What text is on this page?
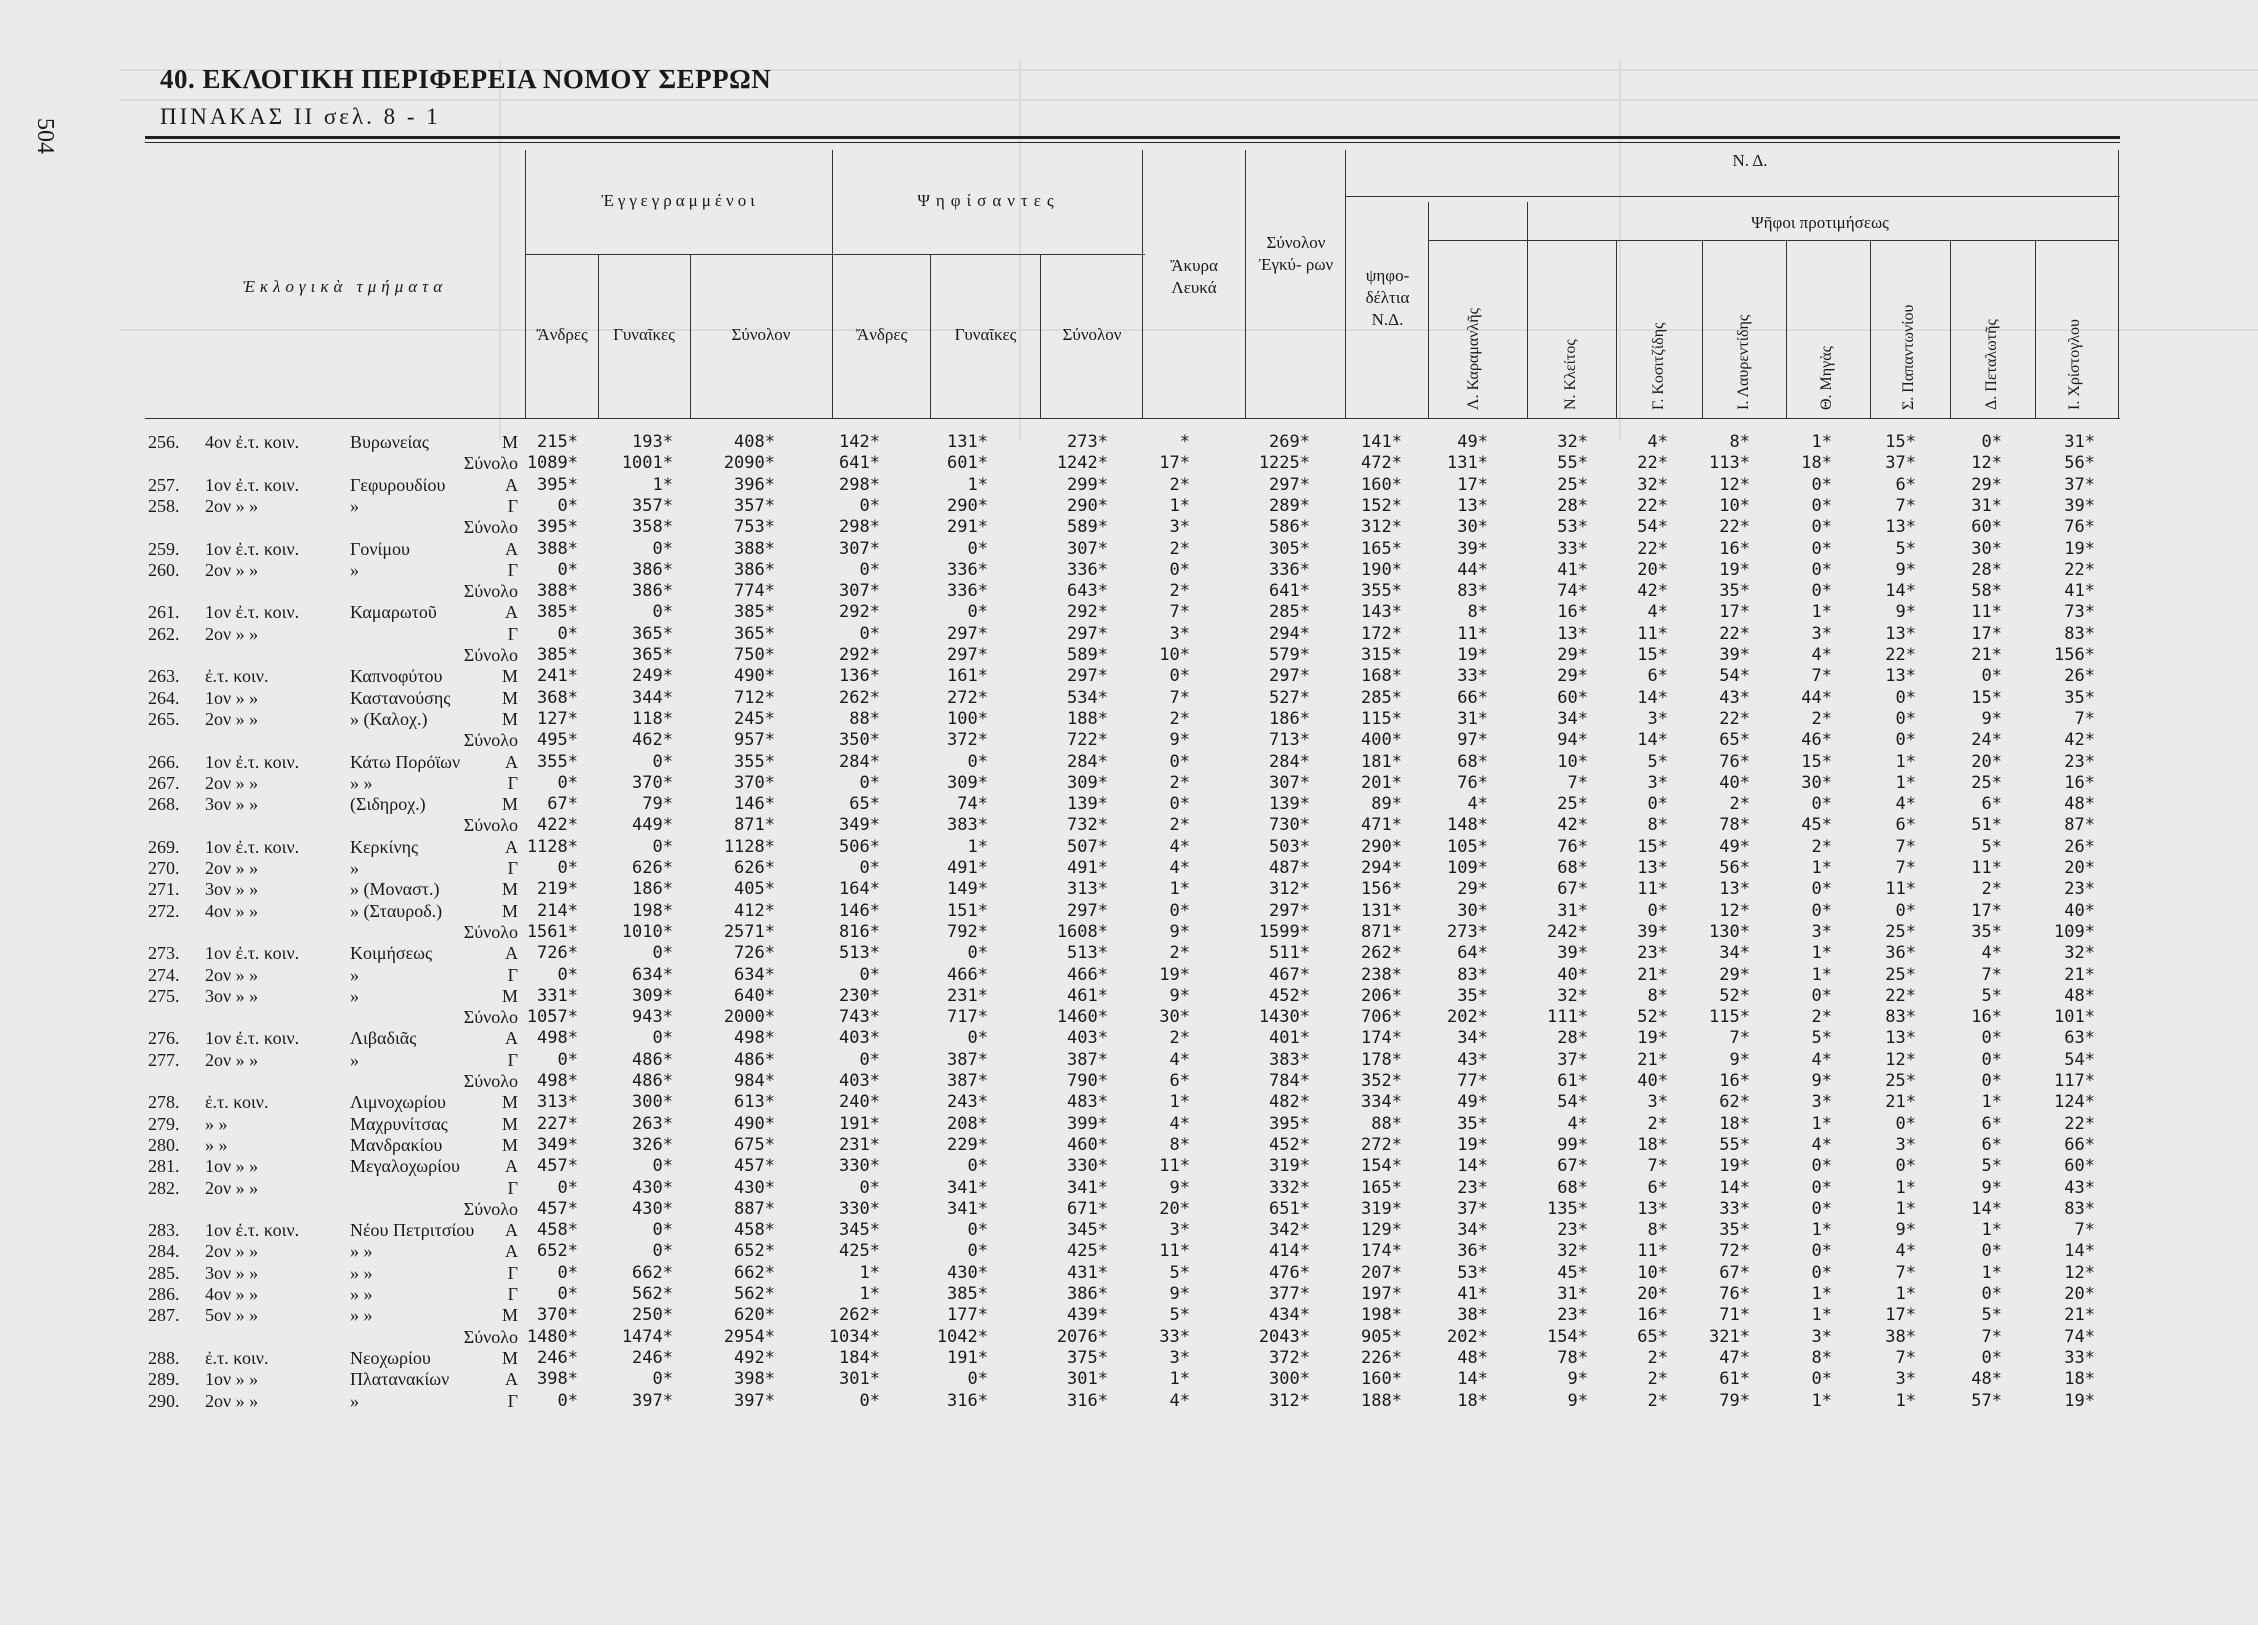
504
40. ΕΚΛΟΓΙΚΗ ΠΕΡΙΦΕΡΕΙΑ ΝΟΜΟΥ ΣΕΡΡΩΝ
ΠΙΝΑΚΑΣ ΙΙ σελ. 8 - 1
Ἐκλογικὰ τμήματα
Ἐγγεγραμμένοι	Ψηφίσαντες
Ἄνδρες	Γυναῖκες	Σύνολον	Ἄνδρες	Γυναῖκες	Σύνολον
Ἄκυρα Λευκά
Σύνολον Ἐγκύ- ρων
Ν. Δ.
ψηφο- δέλτια Ν.Δ.
Ψῆφοι προτιμήσεως
Λ. Καραμανλῆς	Ν. Κλείτος	Γ. Κοσιτζίδης	Ι. Λαυρεντίδης	Θ. Μηγὰς	Σ. Παπαντωνίου	Δ. Πεταλωτῆς	Ι. Χρίστογλου
256.	4ον ἐ.τ. κοιν.	Βυρωνείας	Μ 215*	193*	408*	142*	131*	273*	*	269*	141*	49*	32*	4*	8*	1*	15*	0*	31*
Σύνολο 1089*	1001*	2090*	641*	601*	1242*	17*	1225*	472*	131*	55*	22* 113*	18*	37*	12*	56*
257.	1ον ἐ.τ. κοιν.	Γεφυρουδίου	Α 395*	1*	396*	298*	1*	299*	2*	297*	160*	17*	25*	32*	12*	0*	6*	29*	37*
258.	2ον » »	»	Γ 0*	357*	357*	0*	290*	290*	1*	289*	152*	13*	28*	22*	10*	0*	7*	31*	39*
Σύνολο 395*	358*	753*	298*	291*	589*	3*	586*	312*	30*	53*	54*	22*	0*	13*	60*	76*
259.	1ον ἐ.τ. κοιν.	Γονίμου	Α 388*	0*	388*	307*	0*	307*	2*	305*	165*	39*	33*	22*	16*	0*	5*	30*	19*
260.	2ον » »	»	Γ 0*	386*	386*	0*	336*	336*	0*	336*	190*	44*	41*	20*	19*	0*	9*	28*	22*
Σύνολο 388*	386*	774*	307*	336*	643*	2*	641*	355*	83*	74*	42*	35*	0*	14*	58*	41*
261.	1ον ἐ.τ. κοιν.	Καμαρωτοῦ	Α 385*	0*	385*	292*	0*	292*	7*	285*	143*	8*	16*	4*	17*	1*	9*	11*	73*
262.	2ον » »	Γ 0*	365*	365*	0*	297*	297*	3*	294*	172*	11*	13*	11*	22*	3*	13*	17*	83*
Σύνολο 385*	365*	750*	292*	297*	589*	10*	579*	315*	19*	29*	15*	39*	4*	22*	21*	156*
263.	ἐ.τ. κοιν.	Καπνοφύτου	Μ 241*	249*	490*	136*	161*	297*	0*	297*	168*	33*	29*	6*	54*	7*	13*	0*	26*
264.	1ον » »	Καστανούσης	Μ 368*	344*	712*	262*	272*	534*	7*	527*	285*	66*	60*	14*	43*	44*	0*	15*	35*
265.	2ον » »	» (Καλοχ.)	Μ 127*	118*	245*	88*	100*	188*	2*	186*	115*	31*	34*	3*	22*	2*	0*	9*	7*
Σύνολο 495*	462*	957*	350*	372*	722*	9*	713*	400*	97*	94*	14*	65*	46*	0*	24*	42*
266.	1ον ἐ.τ. κοιν.	Κάτω Πορόϊων Α 355*	0*	355*	284*	0*	284*	0*	284*	181*	68*	10*	5*	76*	15*	1*	20*	23*
267.	2ον » »	» »	Γ 0*	370*	370*	0*	309*	309*	2*	307*	201*	76*	7*	3*	40*	30*	1*	25*	16*
268.	3ον » »	(Σιδηροχ.)	Μ 67*	79*	146*	65*	74*	139*	0*	139*	89*	4*	25*	0*	2*	0*	4*	6*	48*
Σύνολο 422*	449*	871*	349*	383*	732*	2*	730*	471*	148*	42*	8*	78*	45*	6*	51*	87*
269.	1ον ἐ.τ. κοιν.	Κερκίνης	Α 1128*	0*	1128*	506*	1*	507*	4*	503*	290*	105*	76*	15*	49*	2*	7*	5*	26*
270.	2ον » »	»	Γ 0*	626*	626*	0*	491*	491*	4*	487*	294*	109*	68*	13*	56*	1*	7*	11*	20*
271.	3ον » »	» (Μοναστ.)	Μ 219*	186*	405*	164*	149*	313*	1*	312*	156*	29*	67*	11*	13*	0*	11*	2*	23*
272.	4ον » »	» (Σταυροδ.)	Μ 214*	198*	412*	146*	151*	297*	0*	297*	131*	30*	31*	0*	12*	0*	0*	17*	40*
Σύνολο 1561*	1010*	2571*	816*	792*	1608*	9*	1599*	871*	273*	242*	39* 130*	3*	25*	35*	109*
273.	1ον ἐ.τ. κοιν.	Κοιμήσεως	Α 726*	0*	726*	513*	0*	513*	2*	511*	262*	64*	39*	23*	34*	1*	36*	4*	32*
274.	2ον » »	»	Γ 0*	634*	634*	0*	466*	466*	19*	467*	238*	83*	40*	21*	29*	1*	25*	7*	21*
275.	3ον » »	»	Μ 331*	309*	640*	230*	231*	461*	9*	452*	206*	35*	32*	8*	52*	0*	22*	5*	48*
Σύνολο 1057*	943*	2000*	743*	717*	1460*	30*	1430*	706*	202*	111*	52* 115*	2*	83*	16*	101*
276.	1ον ἐ.τ. κοιν.	Λιβαδιᾶς	Α 498*	0*	498*	403*	0*	403*	2*	401*	174*	34*	28*	19*	7*	5*	13*	0*	63*
277.	2ον » »	»	Γ 0*	486*	486*	0*	387*	387*	4*	383*	178*	43*	37*	21*	9*	4*	12*	0*	54*
Σύνολο 498*	486*	984*	403*	387*	790*	6*	784*	352*	77*	61*	40*	16*	9*	25*	0*	117*
278.	ἐ.τ. κοιν.	Λιμνοχωρίου	Μ 313*	300*	613*	240*	243*	483*	1*	482*	334*	49*	54*	3*	62*	3*	21*	1*	124*
279.	» »	Μαχρυνίτσας	Μ 227*	263*	490*	191*	208*	399*	4*	395*	88*	35*	4*	2*	18*	1*	0*	6*	22*
280.	» »	Μανδρακίου	Μ 349*	326*	675*	231*	229*	460*	8*	452*	272*	19*	99*	18*	55*	4*	3*	6*	66*
281.	1ον » »	Μεγαλοχωρίου	Α 457*	0*	457*	330*	0*	330*	11*	319*	154*	14*	67*	7*	19*	0*	0*	5*	60*
282.	2ον » »	Γ 0*	430*	430*	0*	341*	341*	9*	332*	165*	23*	68*	6*	14*	0*	1*	9*	43*
Σύνολο 457*	430*	887*	330*	341*	671*	20*	651*	319*	37*	135*	13*	33*	0*	1*	14*	83*
283.	1ον ἐ.τ. κοιν.	Νέου Πετριτσίου Α 458*	0*	458*	345*	0*	345*	3*	342*	129*	34*	23*	8*	35*	1*	9*	1*	7*
284.	2ον » »	» »	Α 652*	0*	652*	425*	0*	425*	11*	414*	174*	36*	32*	11*	72*	0*	4*	0*	14*
285.	3ον » »	» »	Γ 0*	662*	662*	1*	430*	431*	5*	476*	207*	53*	45*	10*	67*	0*	7*	1*	12*
286.	4ον » »	» »	Γ 0*	562*	562*	1*	385*	386*	9*	377*	197*	41*	31*	20*	76*	1*	1*	0*	20*
287.	5ον » »	» »	Μ 370*	250*	620*	262*	177*	439*	5*	434*	198*	38*	23*	16*	71*	1*	17*	5*	21*
Σύνολο 1480*	1474*	2954*	1034*	1042*	2076*	33*	2043*	905*	202*	154*	65* 321*	3*	38*	7*	74*
288.	ἐ.τ. κοιν.	Νεοχωρίου	Μ 246*	246*	492*	184*	191*	375*	3*	372*	226*	48*	78*	2*	47*	8*	7*	0*	33*
289.	1ον » »	Πλατανακίων	Α 398*	0*	398*	301*	0*	301*	1*	300*	160*	14*	9*	2*	61*	0*	3*	48*	18*
290.	2ον » »	»	Γ 0*	397*	397*	0*	316*	316*	4*	312*	188*	18*	9*	2*	79*	1*	1*	57*	19*
